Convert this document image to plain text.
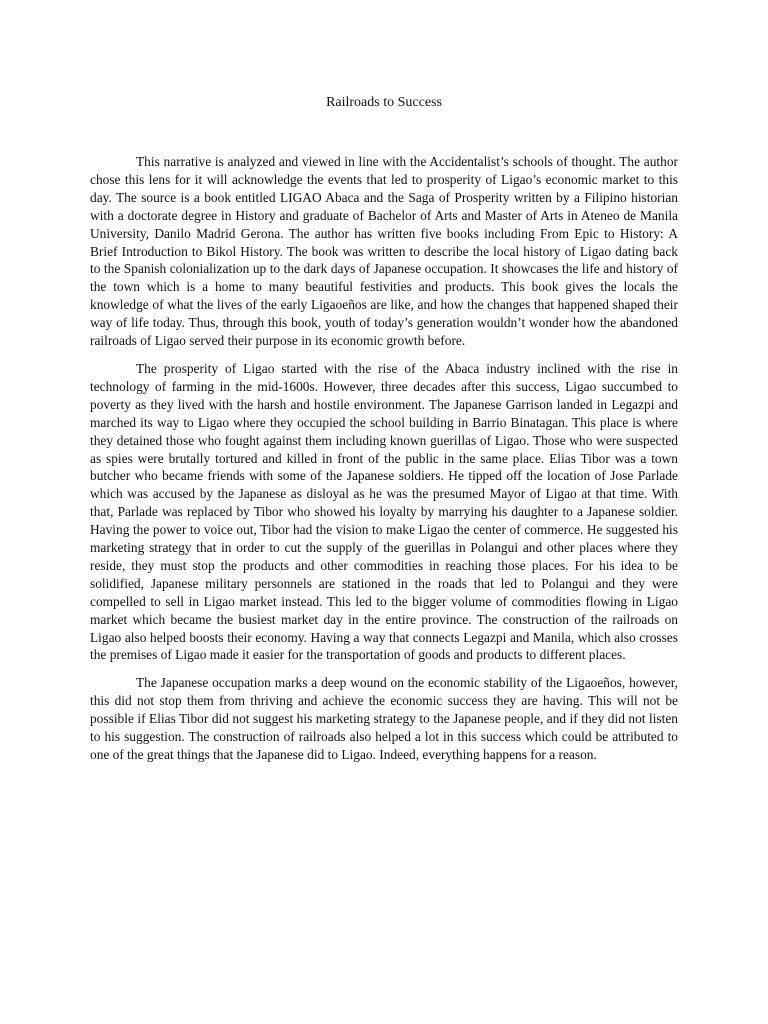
Railroads to Success

This narrative is analyzed and viewed in line with the Accidentalist’s schools of thought. The author chose this lens for it will acknowledge the events that led to prosperity of Ligao’s economic market to this day. The source is a book entitled LIGAO Abaca and the Saga of Prosperity written by a Filipino historian with a doctorate degree in History and graduate of Bachelor of Arts and Master of Arts in Ateneo de Manila University, Danilo Madrid Gerona. The author has written five books including From Epic to History: A Brief Introduction to Bikol History. The book was written to describe the local history of Ligao dating back to the Spanish colonialization up to the dark days of Japanese occupation. It showcases the life and history of the town which is a home to many beautiful festivities and products. This book gives the locals the knowledge of what the lives of the early Ligaoeños are like, and how the changes that happened shaped their way of life today. Thus, through this book, youth of today’s generation wouldn’t wonder how the abandoned railroads of Ligao served their purpose in its economic growth before.

The prosperity of Ligao started with the rise of the Abaca industry inclined with the rise in technology of farming in the mid-1600s. However, three decades after this success, Ligao succumbed to poverty as they lived with the harsh and hostile environment. The Japanese Garrison landed in Legazpi and marched its way to Ligao where they occupied the school building in Barrio Binatagan. This place is where they detained those who fought against them including known guerillas of Ligao. Those who were suspected as spies were brutally tortured and killed in front of the public in the same place. Elias Tibor was a town butcher who became friends with some of the Japanese soldiers. He tipped off the location of Jose Parlade which was accused by the Japanese as disloyal as he was the presumed Mayor of Ligao at that time. With that, Parlade was replaced by Tibor who showed his loyalty by marrying his daughter to a Japanese soldier. Having the power to voice out, Tibor had the vision to make Ligao the center of commerce. He suggested his marketing strategy that in order to cut the supply of the guerillas in Polangui and other places where they reside, they must stop the products and other commodities in reaching those places. For his idea to be solidified, Japanese military personnels are stationed in the roads that led to Polangui and they were compelled to sell in Ligao market instead. This led to the bigger volume of commodities flowing in Ligao market which became the busiest market day in the entire province. The construction of the railroads on Ligao also helped boosts their economy. Having a way that connects Legazpi and Manila, which also crosses the premises of Ligao made it easier for the transportation of goods and products to different places.

The Japanese occupation marks a deep wound on the economic stability of the Ligaoeños, however, this did not stop them from thriving and achieve the economic success they are having. This will not be possible if Elias Tibor did not suggest his marketing strategy to the Japanese people, and if they did not listen to his suggestion. The construction of railroads also helped a lot in this success which could be attributed to one of the great things that the Japanese did to Ligao. Indeed, everything happens for a reason.
